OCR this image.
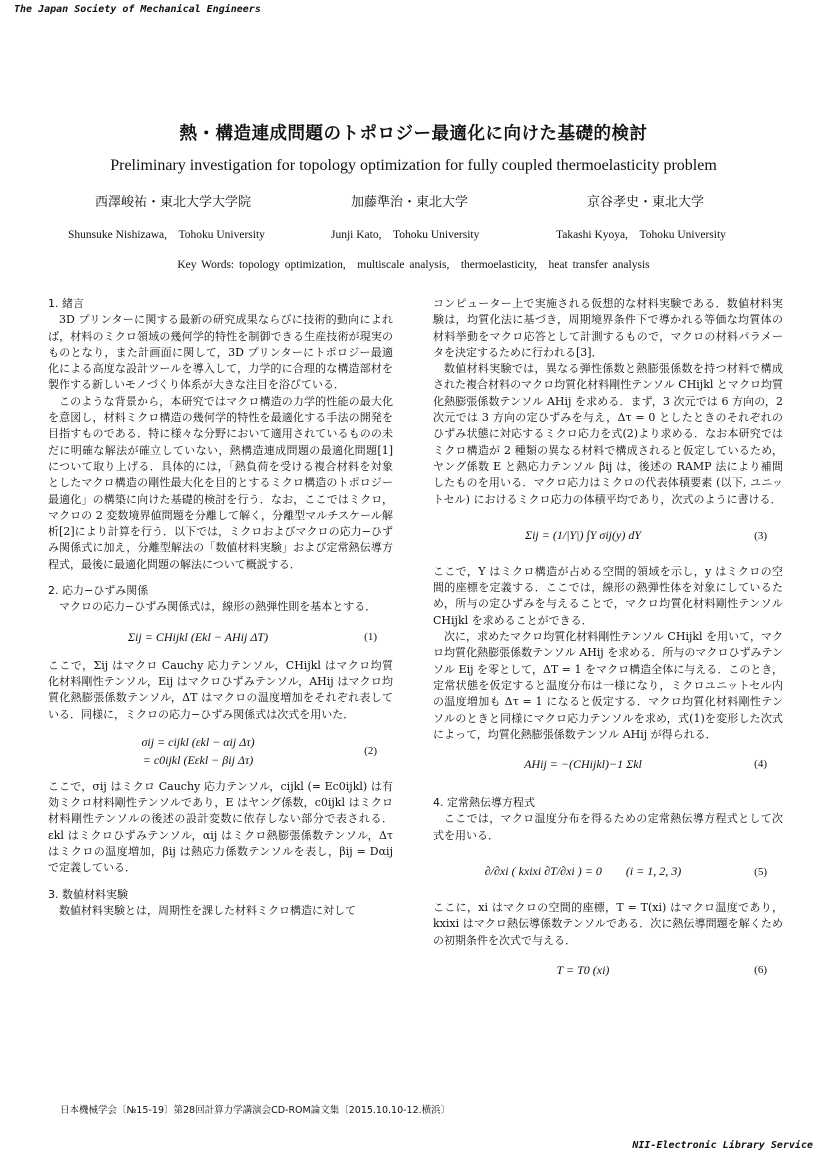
The Japan Society of Mechanical Engineers
熱・構造連成問題のトポロジー最適化に向けた基礎的検討
Preliminary investigation for topology optimization for fully coupled thermoelasticity problem
西澤峻祐・東北大学大学院	加藤準治・東北大学	京谷孝史・東北大学
Shunsuke Nishizawa,　Tohoku University	Junji Kato,　Tohoku University	Takashi Kyoya,　Tohoku University
Key Words: topology optimization,　multiscale analysis,　thermoelasticity,　heat transfer analysis
1. 緒言

3D プリンターに関する最新の研究成果ならびに技術的動向によれば，材料のミクロ領域の幾何学的特性を制御できる生産技術が現実のものとなり，また計画面に関して，3D プリンターにトポロジー最適化による高度な設計ツールを導入して，力学的に合理的な構造部材を製作する新しいモノづくり体系が大きな注目を浴びている．

このような背景から，本研究ではマクロ構造の力学的性能の最大化を意図し，材料ミクロ構造の幾何学的特性を最適化する手法の開発を目指すものである．特に様々な分野において適用されているものの未だに明確な解法が確立していない，熱構造連成問題の最適化問題[1]について取り上げる．具体的には，「熱負荷を受ける複合材料を対象としたマクロ構造の剛性最大化を目的とするミクロ構造のトポロジー最適化」の構築に向けた基礎的検討を行う．なお，ここではミクロ，マクロの 2 変数境界値問題を分離して解く，分離型マルチスケール解析[2]により計算を行う．以下では，ミクロおよびマクロの応力−ひずみ関係式に加え，分離型解法の「数値材料実験」および定常熱伝導方程式，最後に最適化問題の解法について概説する．

2. 応力−ひずみ関係

マクロの応力−ひずみ関係式は，線形の熱弾性則を基本とする．

Σij = CHijkl (Ekl − AHij ΔT)	(1)

ここで，Σij はマクロ Cauchy 応力テンソル，CHijkl はマクロ均質化材料剛性テンソル，Eij はマクロひずみテンソル，AHij はマクロ均質化熱膨張係数テンソル，ΔT はマクロの温度増加をそれぞれ表している．同様に，ミクロの応力−ひずみ関係式は次式を用いた．

σij = cijkl (εkl − αij Δτ)
= c0ijkl (Eεkl − βij Δτ)
(2)

ここで，σij はミクロ Cauchy 応力テンソル，cijkl (= Ec0ijkl) は有効ミクロ材料剛性テンソルであり，E はヤング係数，c0ijkl はミクロ材料剛性テンソルの後述の設計変数に依存しない部分で表される．εkl はミクロひずみテンソル，αij はミクロ熱膨張係数テンソル，Δτ はミクロの温度増加，βij は熱応力係数テンソルを表し，βij = Dαij で定義している．

3. 数値材料実験

数値材料実験とは，周期性を課した材料ミクロ構造に対して

コンピューター上で実施される仮想的な材料実験である．数値材料実験は，均質化法に基づき，周期境界条件下で導かれる等価な均質体の材料挙動をマクロ応答として計測するもので，マクロの材料パラメータを決定するために行われる[3]．

数値材料実験では，異なる弾性係数と熱膨張係数を持つ材料で構成された複合材料のマクロ均質化材料剛性テンソル CHijkl とマクロ均質化熱膨張係数テンソル AHij を求める．まず，3 次元では 6 方向の，2 次元では 3 方向の定ひずみを与え，Δτ = 0 としたときのそれぞれのひずみ状態に対応するミクロ応力を式(2)より求める．なお本研究ではミクロ構造が 2 種類の異なる材料で構成されると仮定しているため，ヤング係数 E と熱応力テンソル βij は，後述の RAMP 法により補間したものを用いる．マクロ応力はミクロの代表体積要素 (以下, ユニットセル) におけるミクロ応力の体積平均であり，次式のように書ける．

Σij = (1/|Y|) ∫Y σij(y) dY	(3)

ここで，Y はミクロ構造が占める空間的領域を示し，y はミクロの空間的座標を定義する．ここでは，線形の熱弾性体を対象にしているため，所与の定ひずみを与えることで，マクロ均質化材料剛性テンソル CHijkl を求めることができる．

次に，求めたマクロ均質化材料剛性テンソル CHijkl を用いて，マクロ均質化熱膨張係数テンソル AHij を求める．所与のマクロひずみテンソル Eij を零として，ΔT = 1 をマクロ構造全体に与える．このとき，定常状態を仮定すると温度分布は一様になり，ミクロユニットセル内の温度増加も Δτ = 1 になると仮定する．マクロ均質化材料剛性テンソルのときと同様にマクロ応力テンソルを求め，式(1)を変形した次式によって，均質化熱膨張係数テンソル AHij が得られる．

AHij = −(CHijkl)−1 Σkl	(4)
4. 定常熱伝導方程式

ここでは，マクロ温度分布を得るための定常熱伝導方程式として次式を用いる．

∂/∂xi ( kxixi ∂T/∂xi ) = 0　　(i = 1, 2, 3)	(5)

ここに，xi はマクロの空間的座標，T = T(xi) はマクロ温度であり，kxixi はマクロ熱伝導係数テンソルである．次に熱伝導問題を解くための初期条件を次式で与える．

T = T0 (xi)	(6)
日本機械学会〔№15-19〕第28回計算力学講演会CD-ROM論文集〔2015.10.10-12.横浜〕
NII-Electronic Library Service
